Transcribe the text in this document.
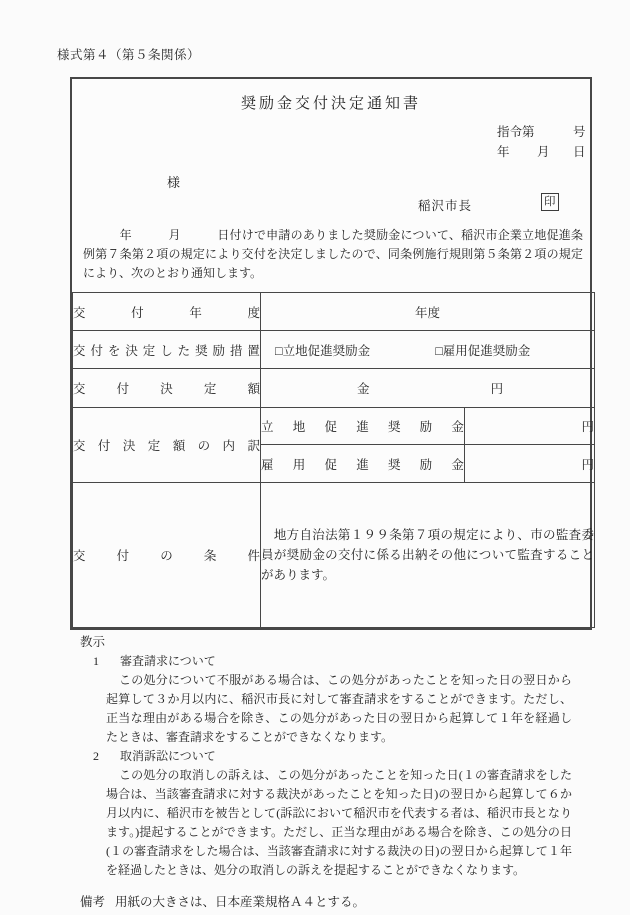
様式第４（第５条関係）
奨励金交付決定通知書
指令第	号
年 月 日
様
稲沢市長	印
　　　年　　　月　　　日付けで申請のありました奨励金について、稲沢市企業立地促進条例第７条第２項の規定により交付を決定しましたので、同条例施行規則第５条第２項の規定により、次のとおり通知します。
交 付 年 度	年度	

交 付 を 決 定 し た 奨 励 措 置	□立地促進奨励金	□雇用促進奨励金

交 付 決 定 額	金 円	

交 付 決 定 額 の 内 訳

立 地 促 進 奨 励 金	円

雇 用 促 進 奨 励 金	円

交 付 の 条 件	　地方自治法第１９９条第７項の規定により、市の監査委員が奨励金の交付に係る出納その他について監査することがあります。	
教示
1 審査請求について
この処分について不服がある場合は、この処分があったことを知った日の翌日から起算して３か月以内に、稲沢市長に対して審査請求をすることができます。ただし、正当な理由がある場合を除き、この処分があった日の翌日から起算して１年を経過したときは、審査請求をすることができなくなります。
2 取消訴訟について
この処分の取消しの訴えは、この処分があったことを知った日(１の審査請求をした場合は、当該審査請求に対する裁決があったことを知った日)の翌日から起算して６か月以内に、稲沢市を被告として(訴訟において稲沢市を代表する者は、稲沢市長となります。)提起することができます。ただし、正当な理由がある場合を除き、この処分の日(１の審査請求をした場合は、当該審査請求に対する裁決の日)の翌日から起算して１年を経過したときは、処分の取消しの訴えを提起することができなくなります。
備考 用紙の大きさは、日本産業規格Ａ４とする。
